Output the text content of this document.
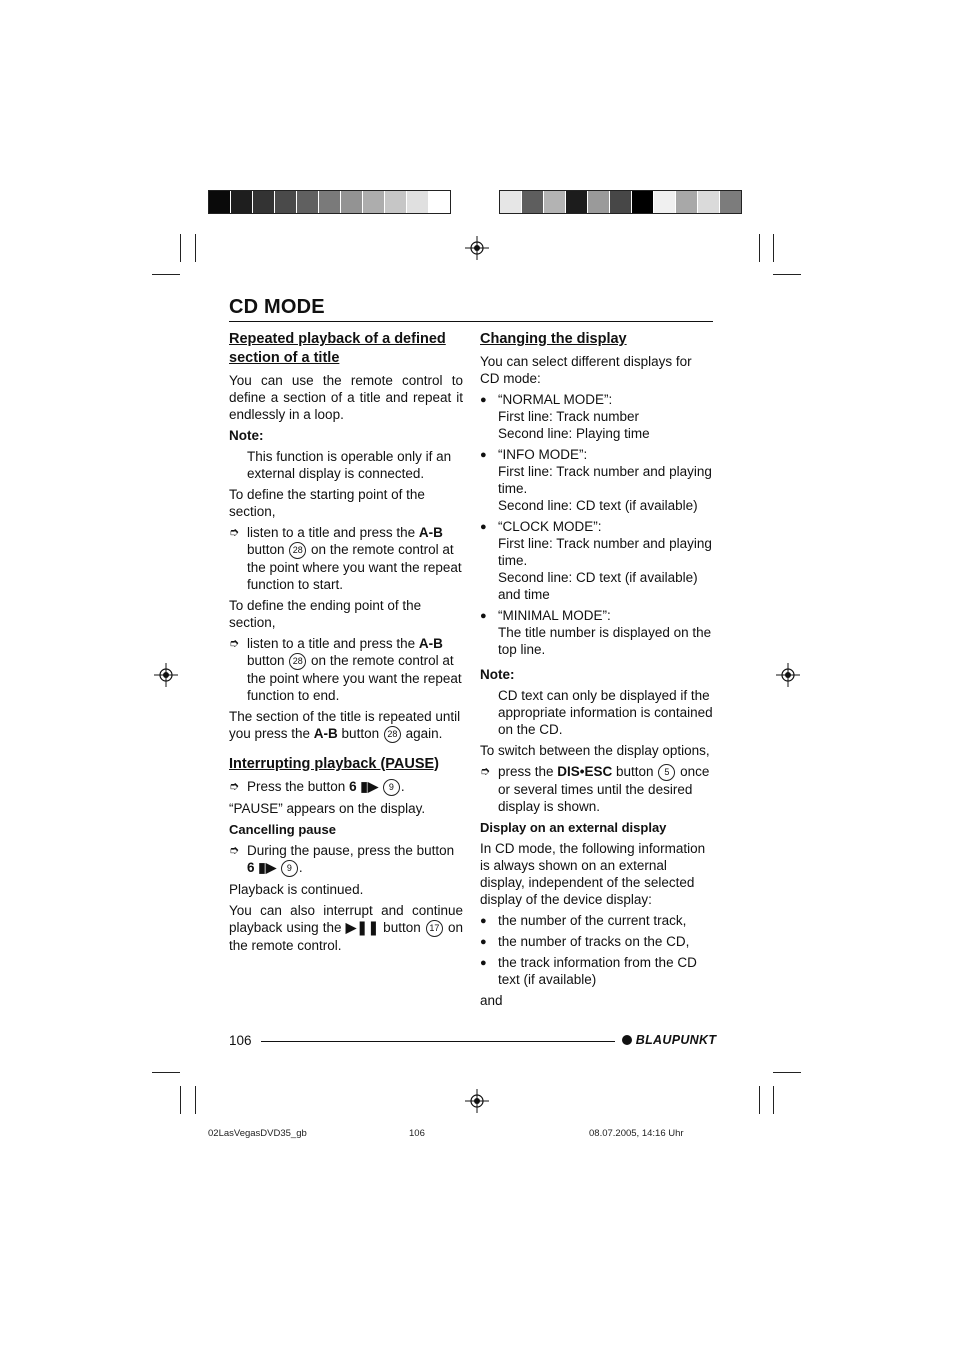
CD MODE

Repeated playback of a defined section of a title

You can use the remote control to define a section of a title and repeat it endlessly in a loop.

Note:

This function is operable only if an external display is connected.

To define the starting point of the section,

➮ listen to a title and press the A-B button 28 on the remote control at the point where you want the repeat function to start.

To define the ending point of the section,

➮ listen to a title and press the A-B button 28 on the remote control at the point where you want the repeat function to end.

The section of the title is repeated until you press the A-B button 28 again.

Interrupting playback (PAUSE)

➮ Press the button 6 ▮▶ 9 .

“PAUSE” appears on the display.

Cancelling pause

➮ During the pause, press the button 6 ▮▶ 9 .

Playback is continued.

You can also interrupt and continue playback using the ▶❚❚ button 17 on the remote control.

Changing the display

You can select different displays for CD mode:

● “NORMAL MODE”:
First line: Track number
Second line: Playing time
● “INFO MODE”:
First line: Track number and playing time.
Second line: CD text (if available)
● “CLOCK MODE”:
First line: Track number and playing time.
Second line: CD text (if available) and time
● “MINIMAL MODE”:
The title number is displayed on the top line.

Note:

CD text can only be displayed if the appropriate information is contained on the CD.

To switch between the display options,

➮ press the DIS•ESC button 5 once or several times until the desired display is shown.

Display on an external display

In CD mode, the following information is always shown on an external display, independent of the selected display of the device display:

● the number of the current track,
● the number of tracks on the CD,
● the track information from the CD text (if available)

and

106	BLAUPUNKT
02LasVegasDVD35_gb	106	08.07.2005, 14:16 Uhr
